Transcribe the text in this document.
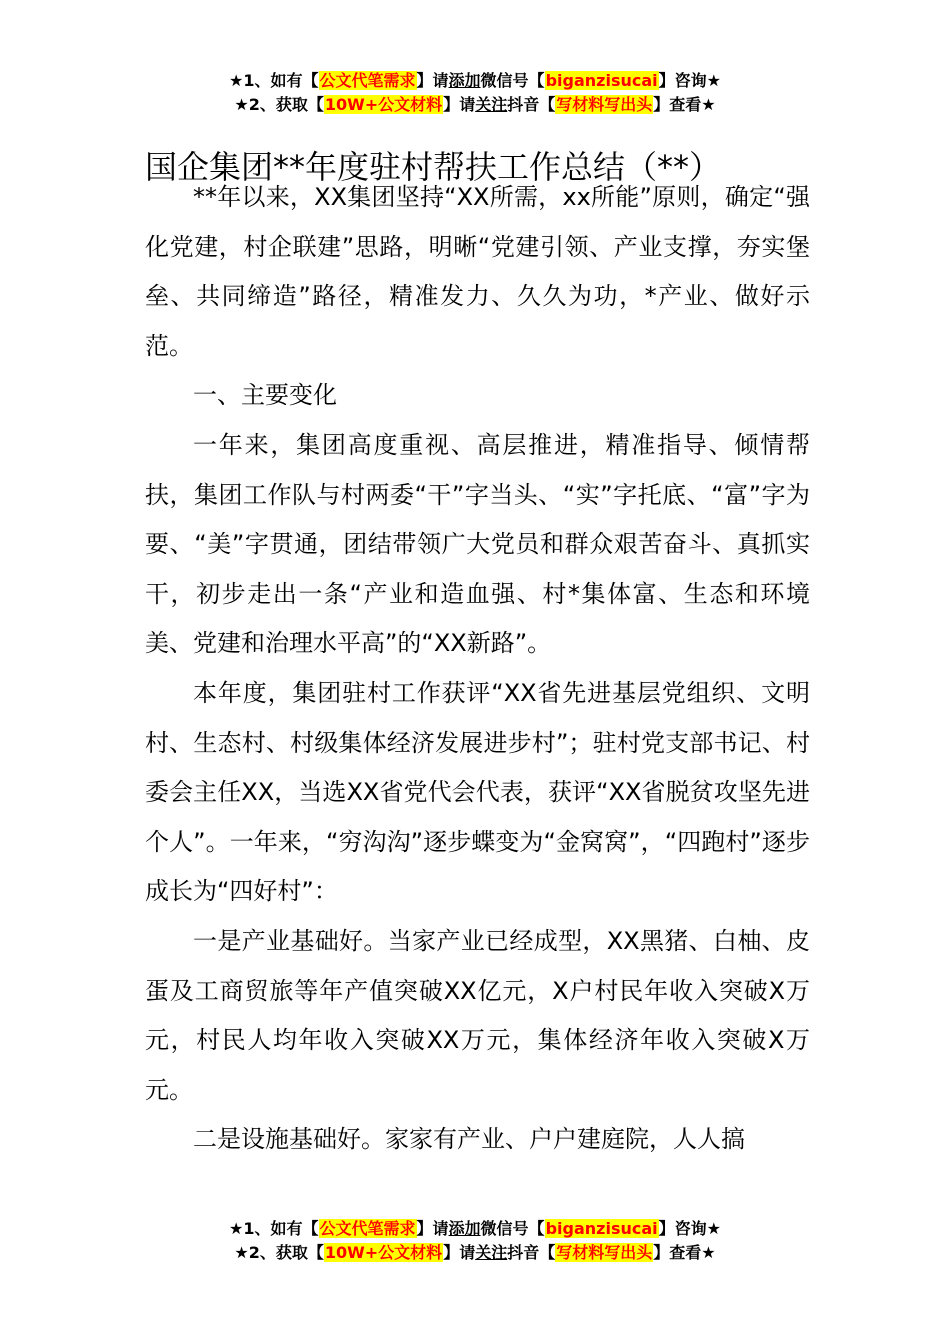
★1、如有【公文代笔需求】请添加微信号【biganzisucai】咨询★
★2、获取【10W+公文材料】请关注抖音【写材料写出头】查看★
国企集团**年度驻村帮扶工作总结（**）

**年以来，XX集团坚持“XX所需，xx所能”原则，确定“强化党建，村企联建”思路，明晰“党建引领、产业支撑，夯实堡垒、共同缔造”路径，精准发力、久久为功，*产业、做好示范。

一、主要变化

一年来，集团高度重视、高层推进，精准指导、倾情帮扶，集团工作队与村两委“干”字当头、“实”字托底、“富”字为要、“美”字贯通，团结带领广大党员和群众艰苦奋斗、真抓实干，初步走出一条“产业和造血强、村*集体富、生态和环境美、党建和治理水平高”的“XX新路”。

本年度，集团驻村工作获评“XX省先进基层党组织、文明村、生态村、村级集体经济发展进步村”；驻村党支部书记、村委会主任XX，当选XX省党代会代表，获评“XX省脱贫攻坚先进个人”。一年来，“穷沟沟”逐步蝶变为“金窝窝”，“四跑村”逐步成长为“四好村”：

一是产业基础好。当家产业已经成型，XX黑猪、白柚、皮蛋及工商贸旅等年产值突破XX亿元，X户村民年收入突破X万元，村民人均年收入突破XX万元，集体经济年收入突破X万元。

二是设施基础好。家家有产业、户户建庭院，人人搞

★1、如有【公文代笔需求】请添加微信号【biganzisucai】咨询★
★2、获取【10W+公文材料】请关注抖音【写材料写出头】查看★
